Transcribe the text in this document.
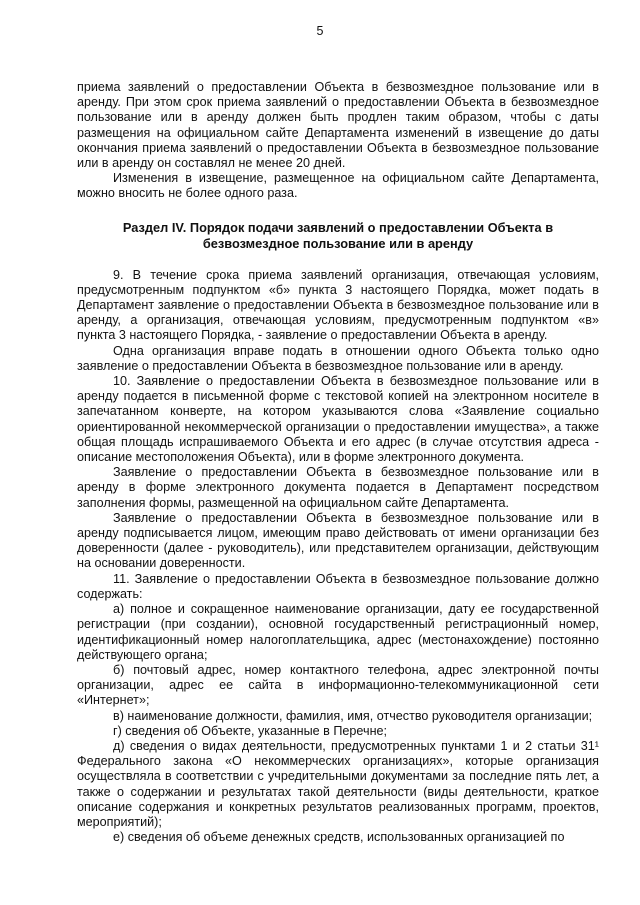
5

приема заявлений о предоставлении Объекта в безвозмездное пользование или в аренду. При этом срок приема заявлений о предоставлении Объекта в безвозмездное пользование или в аренду должен быть продлен таким образом, чтобы с даты размещения на официальном сайте Департамента изменений в извещение до даты окончания приема заявлений о предоставлении Объекта в безвозмездное пользование или в аренду он составлял не менее 20 дней.

Изменения в извещение, размещенное на официальном сайте Департамента, можно вносить не более одного раза.

Раздел IV. Порядок подачи заявлений о предоставлении Объекта в
безвозмездное пользование или в аренду

9. В течение срока приема заявлений организация, отвечающая условиям, предусмотренным подпунктом «б» пункта 3 настоящего Порядка, может подать в Департамент заявление о предоставлении Объекта в безвозмездное пользование или в аренду, а организация, отвечающая условиям, предусмотренным подпунктом «в» пункта 3 настоящего Порядка, - заявление о предоставлении Объекта в аренду.

Одна организация вправе подать в отношении одного Объекта только одно заявление о предоставлении Объекта в безвозмездное пользование или в аренду.

10. Заявление о предоставлении Объекта в безвозмездное пользование или в аренду подается в письменной форме с текстовой копией на электронном носителе в запечатанном конверте, на котором указываются слова «Заявление социально ориентированной некоммерческой организации о предоставлении имущества», а также общая площадь испрашиваемого Объекта и его адрес (в случае отсутствия адреса - описание местоположения Объекта), или в форме электронного документа.

Заявление о предоставлении Объекта в безвозмездное пользование или в аренду в форме электронного документа подается в Департамент посредством заполнения формы, размещенной на официальном сайте Департамента.

Заявление о предоставлении Объекта в безвозмездное пользование или в аренду подписывается лицом, имеющим право действовать от имени организации без доверенности (далее - руководитель), или представителем организации, действующим на основании доверенности.

11. Заявление о предоставлении Объекта в безвозмездное пользование должно содержать:

а) полное и сокращенное наименование организации, дату ее государственной регистрации (при создании), основной государственный регистрационный номер, идентификационный номер налогоплательщика, адрес (местонахождение) постоянно действующего органа;

б) почтовый адрес, номер контактного телефона, адрес электронной почты организации, адрес ее сайта в информационно-телекоммуникационной сети «Интернет»;

в) наименование должности, фамилия, имя, отчество руководителя организации;

г) сведения об Объекте, указанные в Перечне;

д) сведения о видах деятельности, предусмотренных пунктами 1 и 2 статьи 31¹ Федерального закона «О некоммерческих организациях», которые организация осуществляла в соответствии с учредительными документами за последние пять лет, а также о содержании и результатах такой деятельности (виды деятельности, краткое описание содержания и конкретных результатов реализованных программ, проектов, мероприятий);

е) сведения об объеме денежных средств, использованных организацией по
